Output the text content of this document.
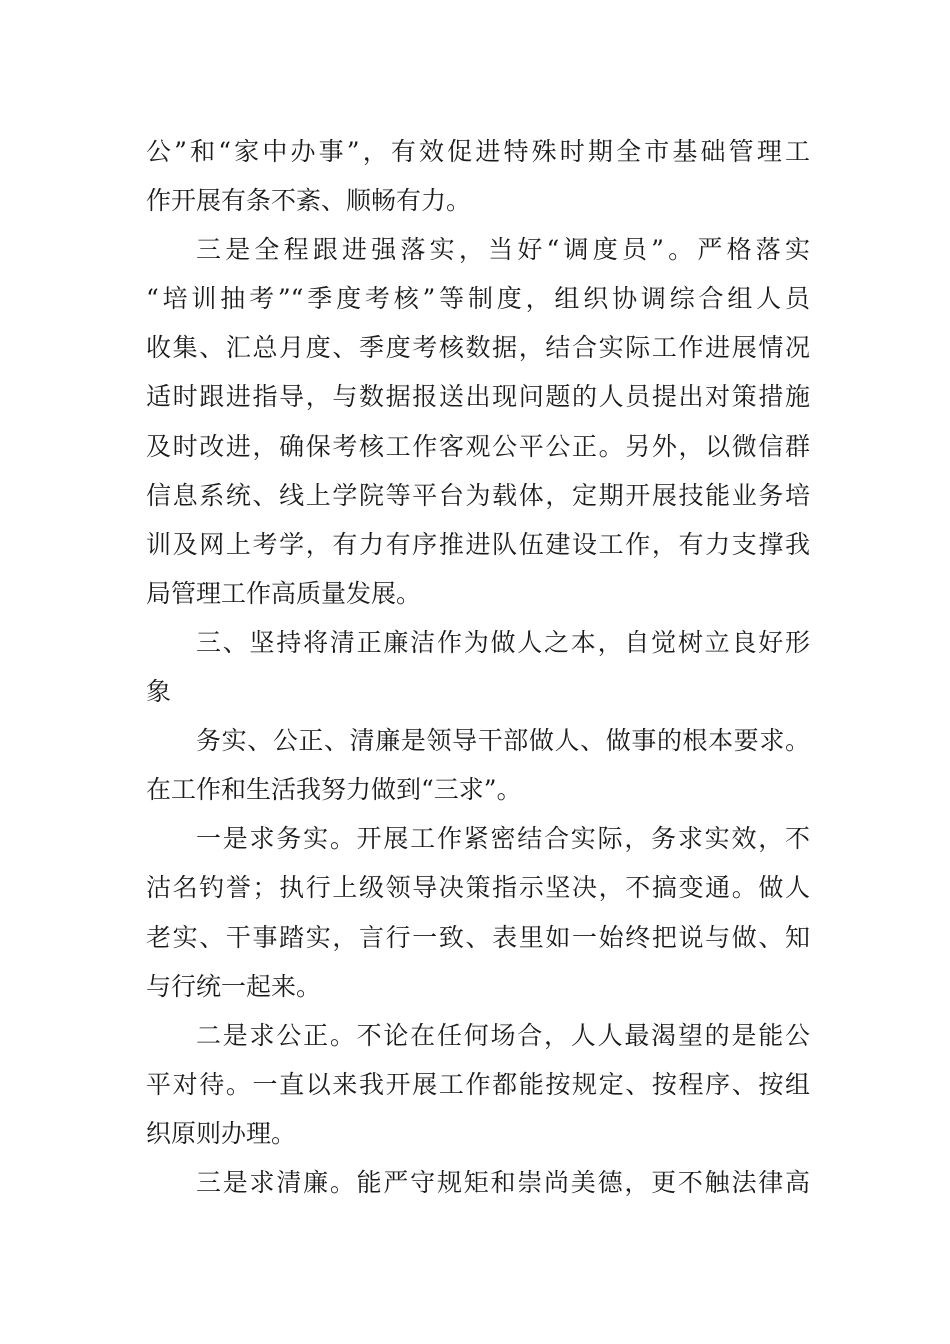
公”和“家中办事”，有效促进特殊时期全市基础管理工
作开展有条不紊、顺畅有力。
三是全程跟进强落实，当好“调度员”。严格落实
“培训抽考”“季度考核”等制度，组织协调综合组人员
收集、汇总月度、季度考核数据，结合实际工作进展情况
适时跟进指导，与数据报送出现问题的人员提出对策措施
及时改进，确保考核工作客观公平公正。另外，以微信群
信息系统、线上学院等平台为载体，定期开展技能业务培
训及网上考学，有力有序推进队伍建设工作，有力支撑我
局管理工作高质量发展。
三、坚持将清正廉洁作为做人之本，自觉树立良好形
象
务实、公正、清廉是领导干部做人、做事的根本要求。
在工作和生活我努力做到“三求”。
一是求务实。开展工作紧密结合实际，务求实效，不
沽名钓誉；执行上级领导决策指示坚决，不搞变通。做人
老实、干事踏实，言行一致、表里如一始终把说与做、知
与行统一起来。
二是求公正。不论在任何场合，人人最渴望的是能公
平对待。一直以来我开展工作都能按规定、按程序、按组
织原则办理。
三是求清廉。能严守规矩和崇尚美德，更不触法律高
